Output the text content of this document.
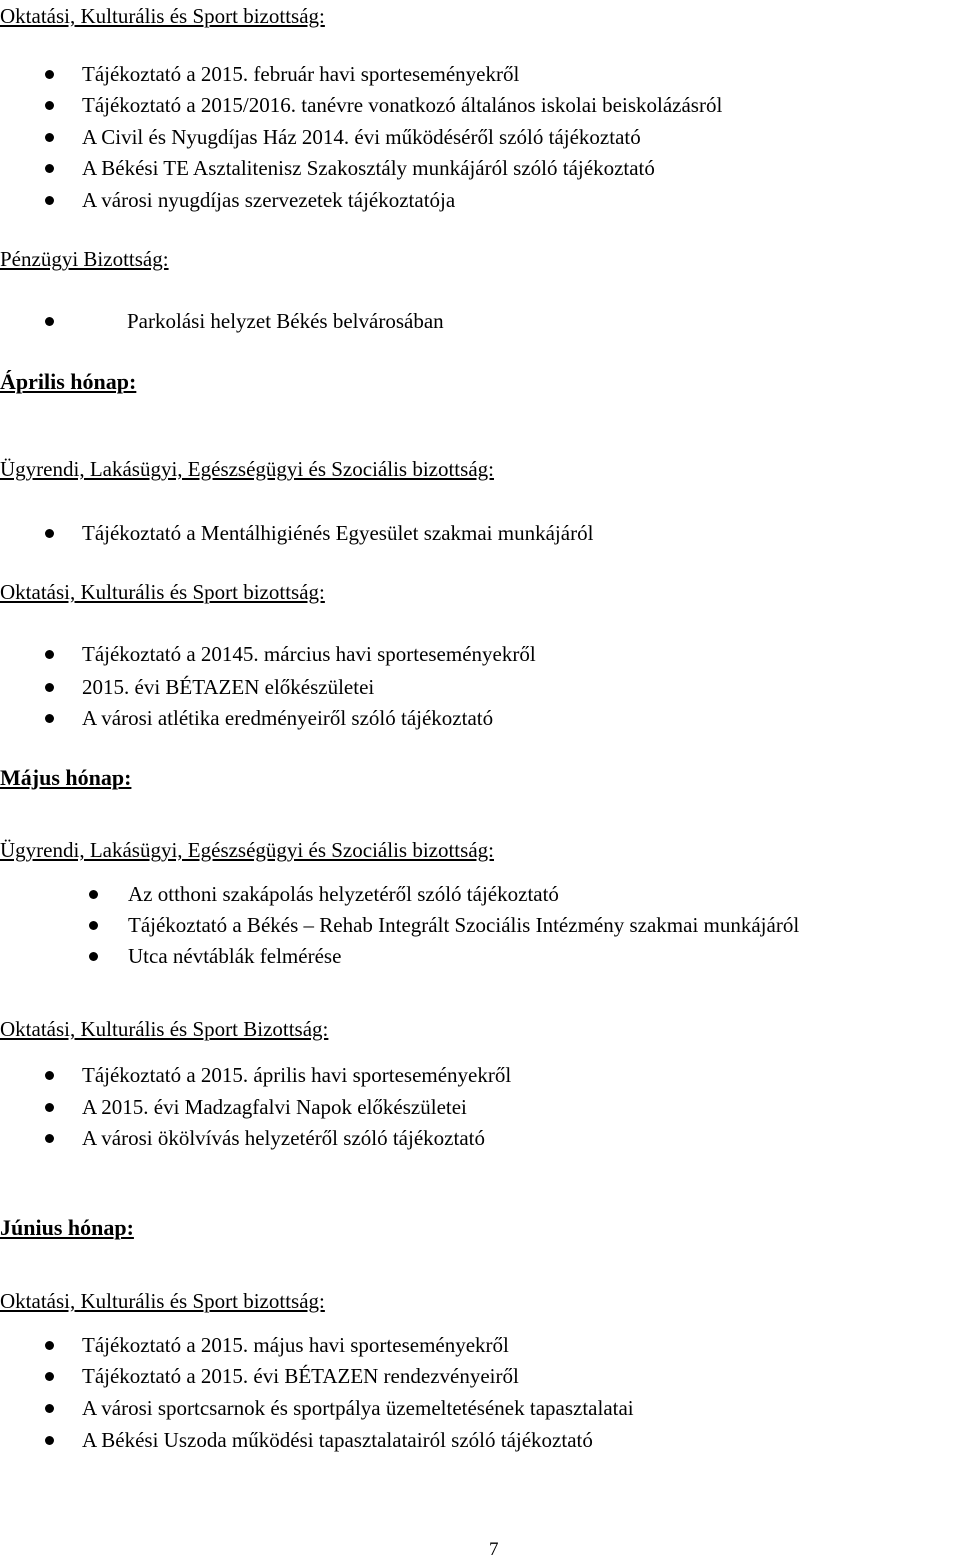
Oktatási, Kulturális és Sport bizottság:

Tájékoztató a 2015. február havi sporteseményekről

Tájékoztató a 2015/2016. tanévre vonatkozó általános iskolai beiskolázásról

A Civil és Nyugdíjas Ház 2014. évi működéséről szóló tájékoztató

A Békési TE Asztalitenisz Szakosztály munkájáról szóló tájékoztató

A városi nyugdíjas szervezetek tájékoztatója

Pénzügyi Bizottság:

Parkolási helyzet Békés belvárosában

Április hónap:

Ügyrendi, Lakásügyi, Egészségügyi és Szociális bizottság:

Tájékoztató a Mentálhigiénés Egyesület szakmai munkájáról

Oktatási, Kulturális és Sport bizottság:

Tájékoztató a 20145. március havi sporteseményekről

2015. évi BÉTAZEN előkészületei

A városi atlétika eredményeiről szóló tájékoztató

Május hónap:

Ügyrendi, Lakásügyi, Egészségügyi és Szociális bizottság:

Az otthoni szakápolás helyzetéről szóló tájékoztató

Tájékoztató a Békés – Rehab Integrált Szociális Intézmény szakmai munkájáról

Utca névtáblák felmérése

Oktatási, Kulturális és Sport Bizottság:

Tájékoztató a 2015. április havi sporteseményekről

A 2015. évi Madzagfalvi Napok előkészületei

A városi ökölvívás helyzetéről szóló tájékoztató

Június hónap:

Oktatási, Kulturális és Sport bizottság:

Tájékoztató a 2015. május havi sporteseményekről

Tájékoztató a 2015. évi BÉTAZEN rendezvényeiről

A városi sportcsarnok és sportpálya üzemeltetésének tapasztalatai

A Békési Uszoda működési tapasztalatairól szóló tájékoztató

7
